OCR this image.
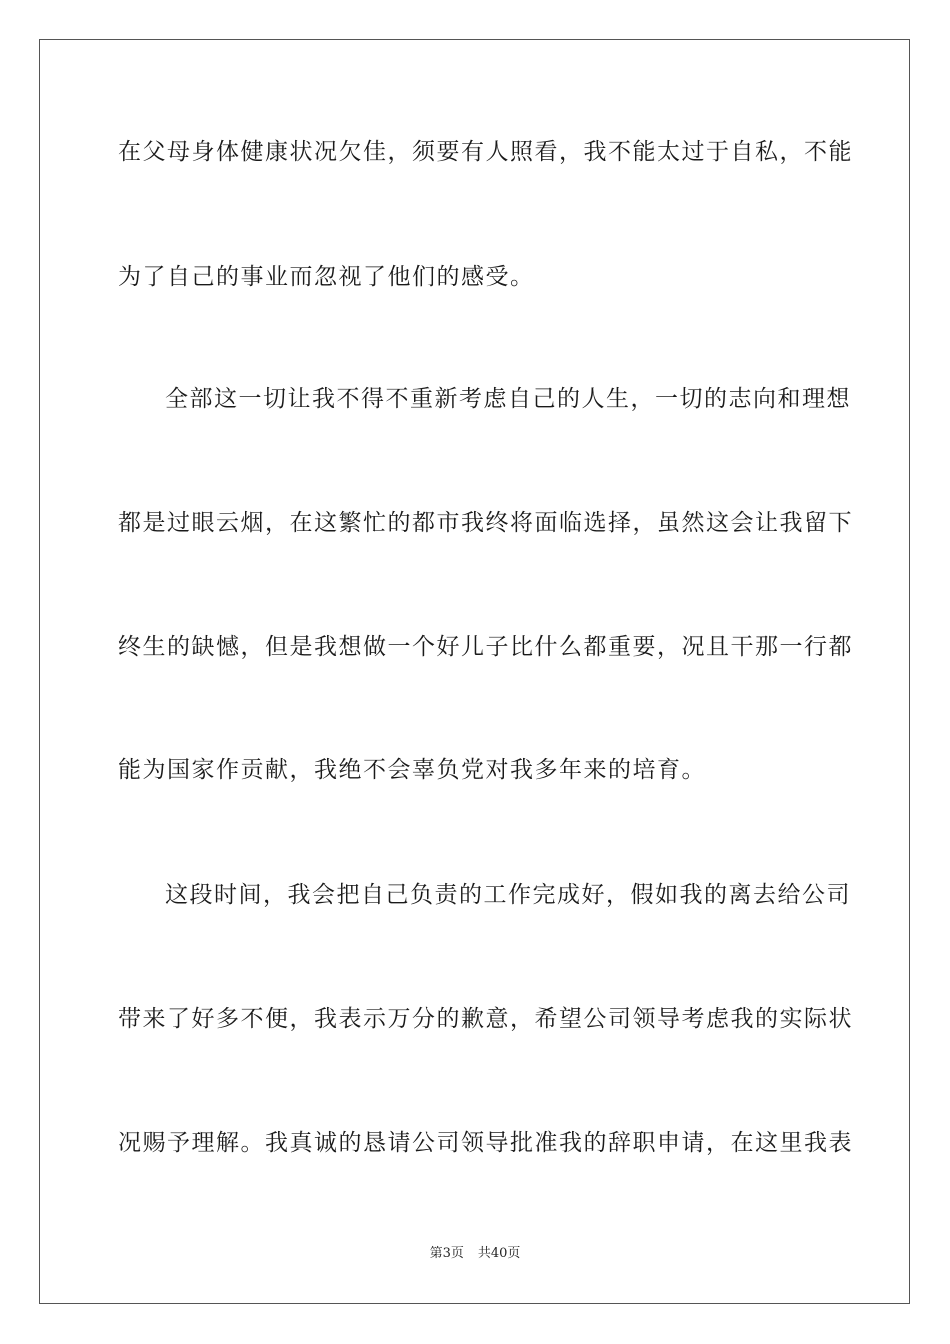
在父母身体健康状况欠佳，须要有人照看，我不能太过于自私，不能
为了自己的事业而忽视了他们的感受。
全部这一切让我不得不重新考虑自己的人生，一切的志向和理想
都是过眼云烟，在这繁忙的都市我终将面临选择，虽然这会让我留下
终生的缺憾，但是我想做一个好儿子比什么都重要，况且干那一行都
能为国家作贡献，我绝不会辜负党对我多年来的培育。
这段时间，我会把自己负责的工作完成好，假如我的离去给公司
带来了好多不便，我表示万分的歉意，希望公司领导考虑我的实际状
况赐予理解。我真诚的恳请公司领导批准我的辞职申请，在这里我表
第3页 共40页
